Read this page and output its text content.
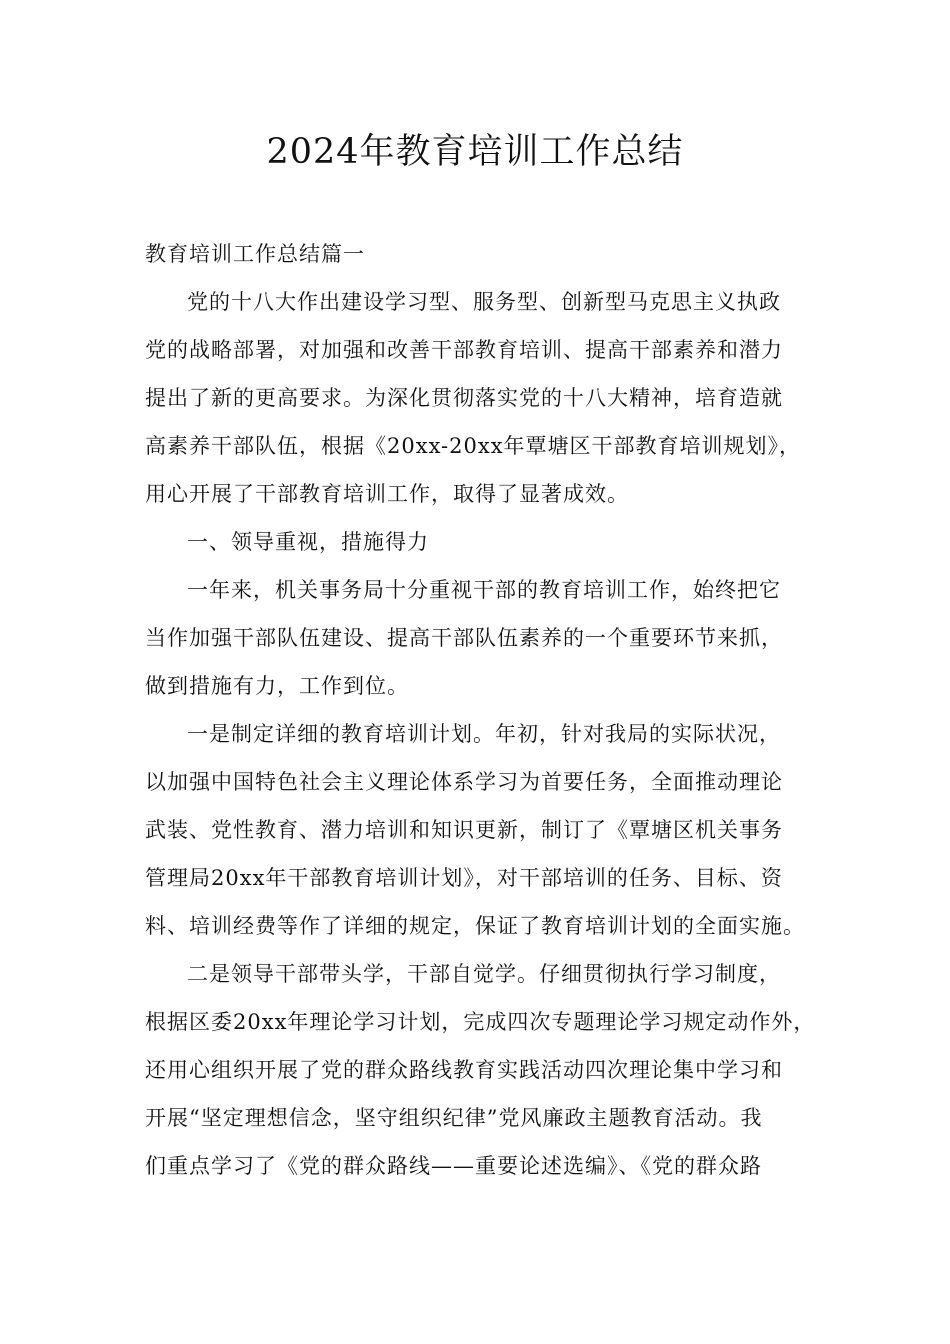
2024年教育培训工作总结

教育培训工作总结篇一

党的十八大作出建设学习型、服务型、创新型马克思主义执政
党的战略部署，对加强和改善干部教育培训、提高干部素养和潜力
提出了新的更高要求。为深化贯彻落实党的十八大精神，培育造就
高素养干部队伍，根据《20xx-20xx年覃塘区干部教育培训规划》，
用心开展了干部教育培训工作，取得了显著成效。
一、领导重视，措施得力
一年来，机关事务局十分重视干部的教育培训工作，始终把它
当作加强干部队伍建设、提高干部队伍素养的一个重要环节来抓，
做到措施有力，工作到位。
一是制定详细的教育培训计划。年初，针对我局的实际状况，
以加强中国特色社会主义理论体系学习为首要任务，全面推动理论
武装、党性教育、潜力培训和知识更新，制订了《覃塘区机关事务
管理局20xx年干部教育培训计划》，对干部培训的任务、目标、资
料、培训经费等作了详细的规定，保证了教育培训计划的全面实施。
二是领导干部带头学，干部自觉学。仔细贯彻执行学习制度，
根据区委20xx年理论学习计划，完成四次专题理论学习规定动作外，
还用心组织开展了党的群众路线教育实践活动四次理论集中学习和
开展“坚定理想信念，坚守组织纪律”党风廉政主题教育活动。我
们重点学习了《党的群众路线——重要论述选编》、《党的群众路
